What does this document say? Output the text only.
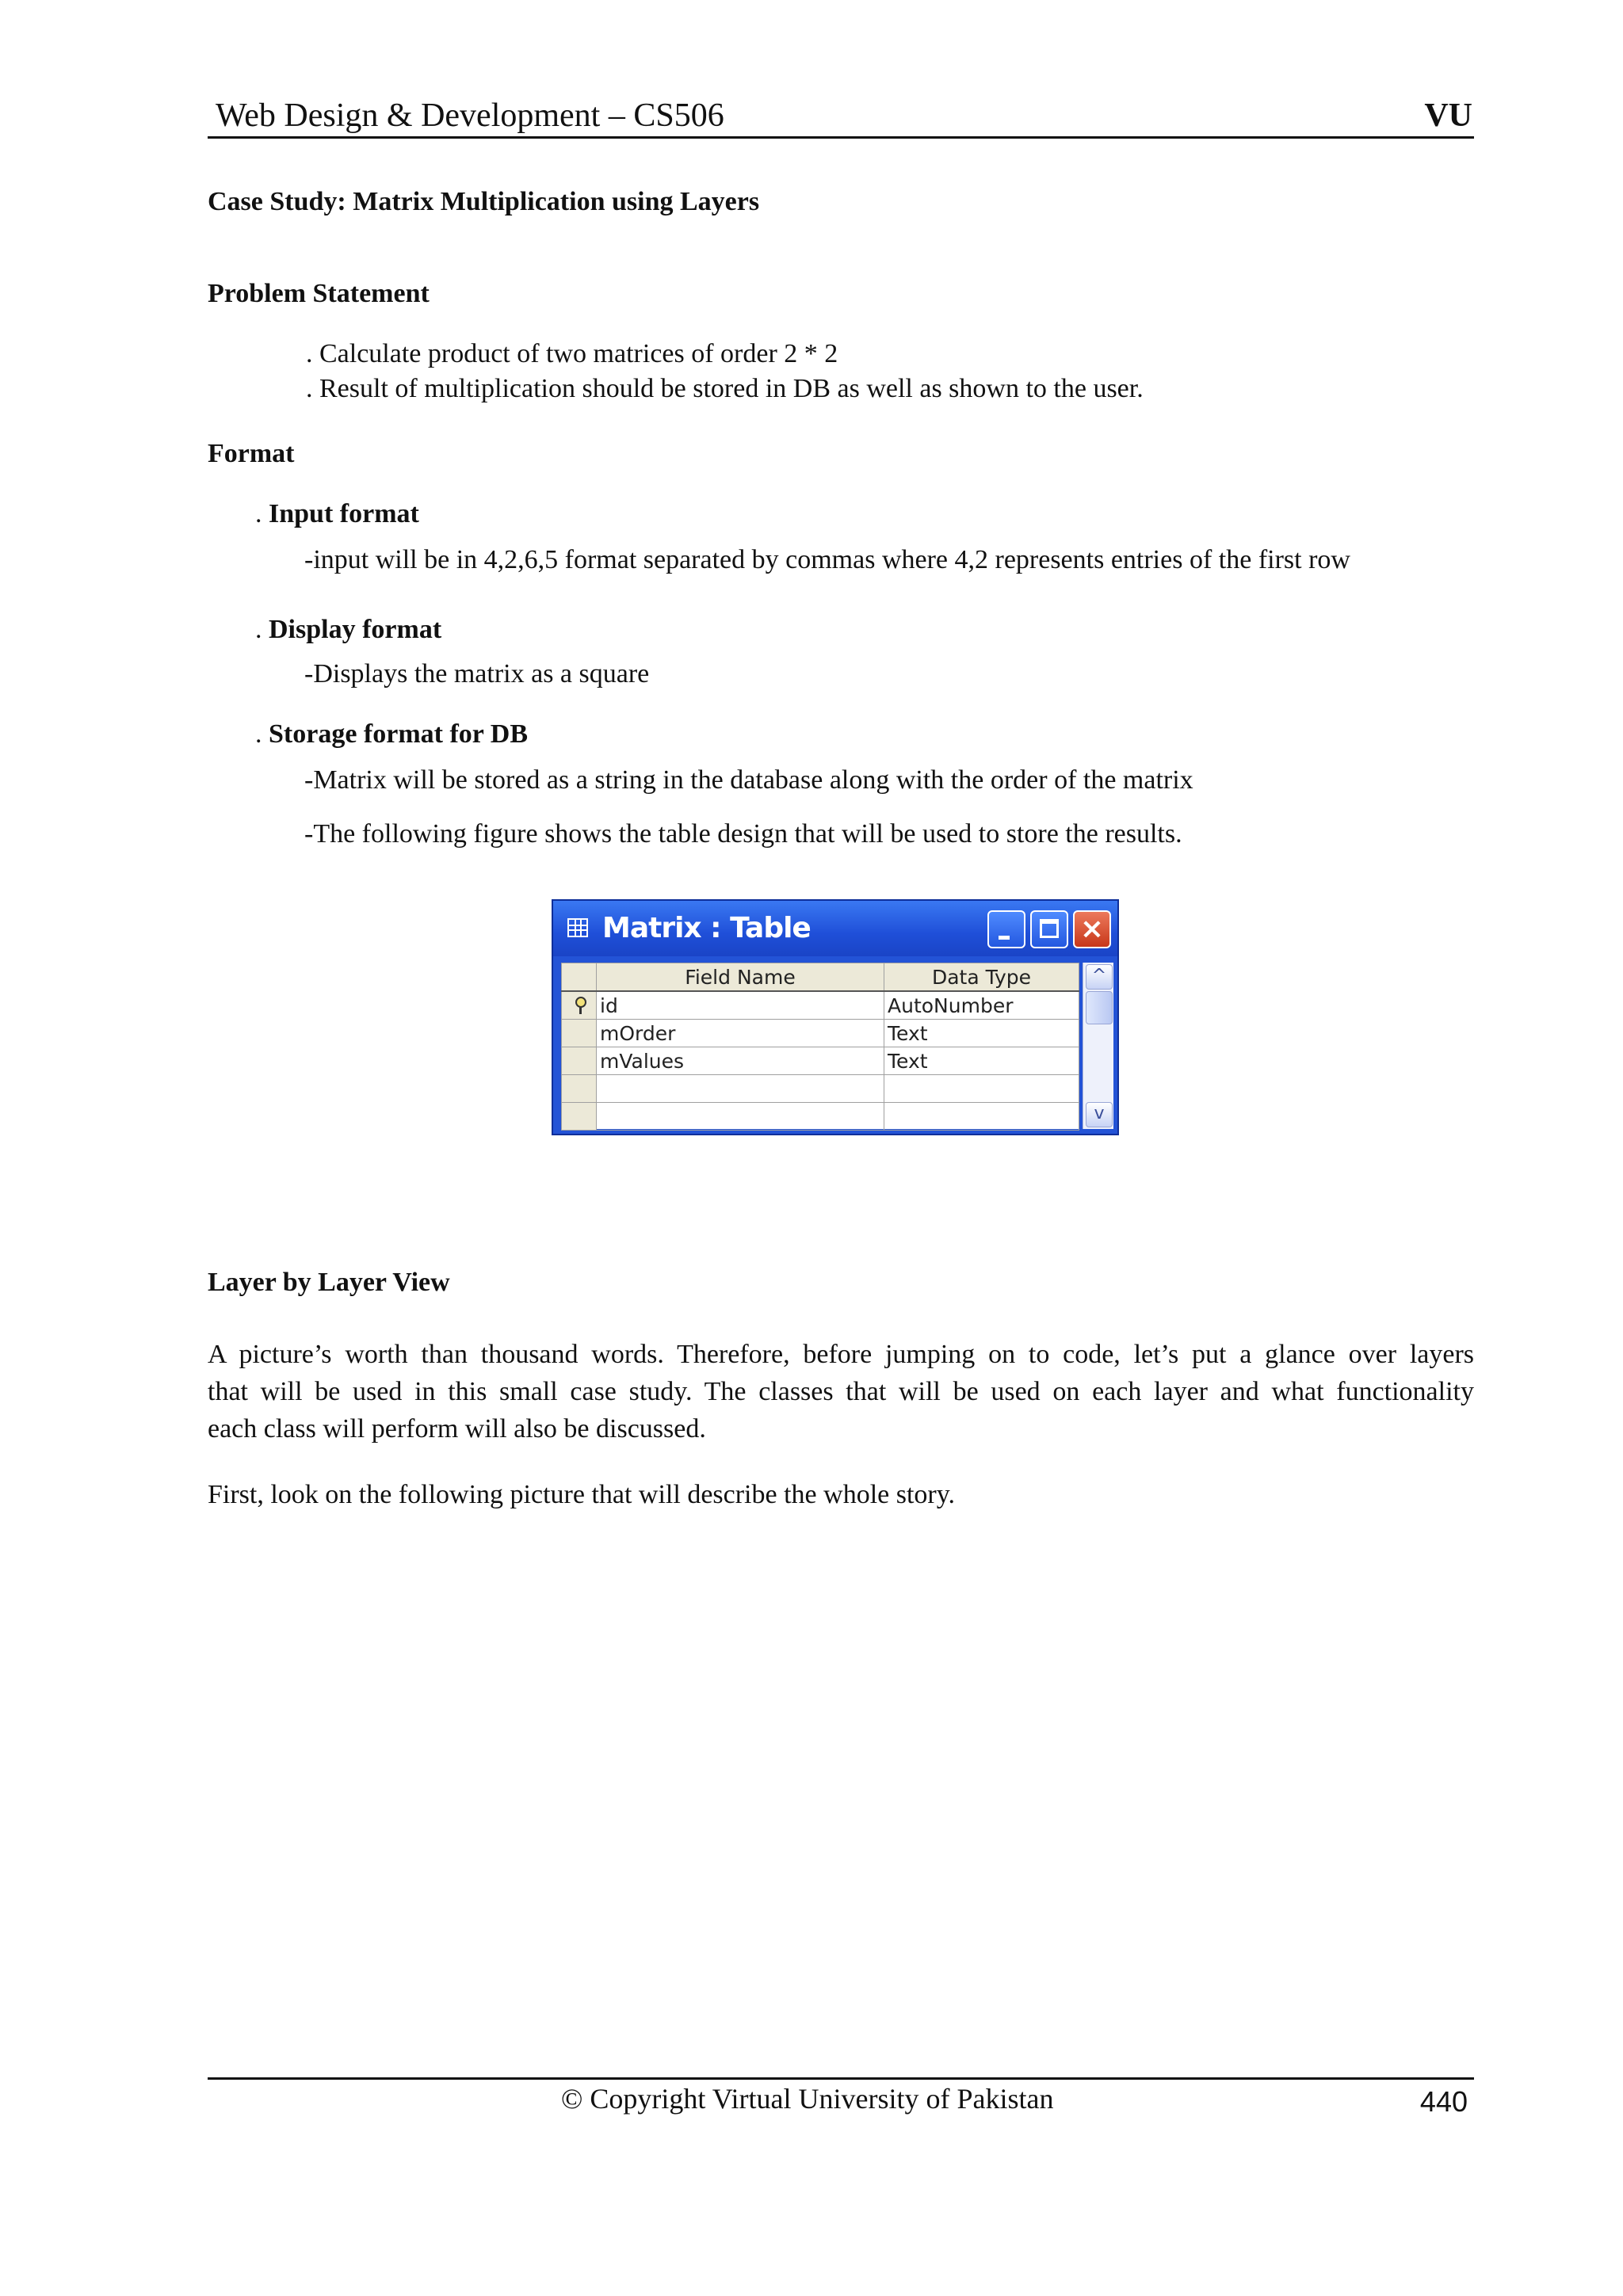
Web Design & Development – CS506	VU
Case Study: Matrix Multiplication using Layers
Problem Statement
. Calculate product of two matrices of order 2 * 2
. Result of multiplication should be stored in DB as well as shown to the user.
Format
. Input format
-input will be in 4,2,6,5 format separated by commas where 4,2 represents entries of the first row
. Display format
-Displays the matrix as a square
. Storage format for DB
-Matrix will be stored as a string in the database along with the order of the matrix
-The following figure shows the table design that will be used to store the results.
Matrix : Table	×
	Field Name	Data Type
	id	AutoNumber
	mOrder	Text
	mValues	Text

^
v
Layer by Layer View
A picture’s worth than thousand words. Therefore, before jumping on to code, let’s put a glance over layers
that will be used in this small case study. The classes that will be used on each layer and what functionality
each class will perform will also be discussed.
First, look on the following picture that will describe the whole story.
© Copyright Virtual University of Pakistan	440
